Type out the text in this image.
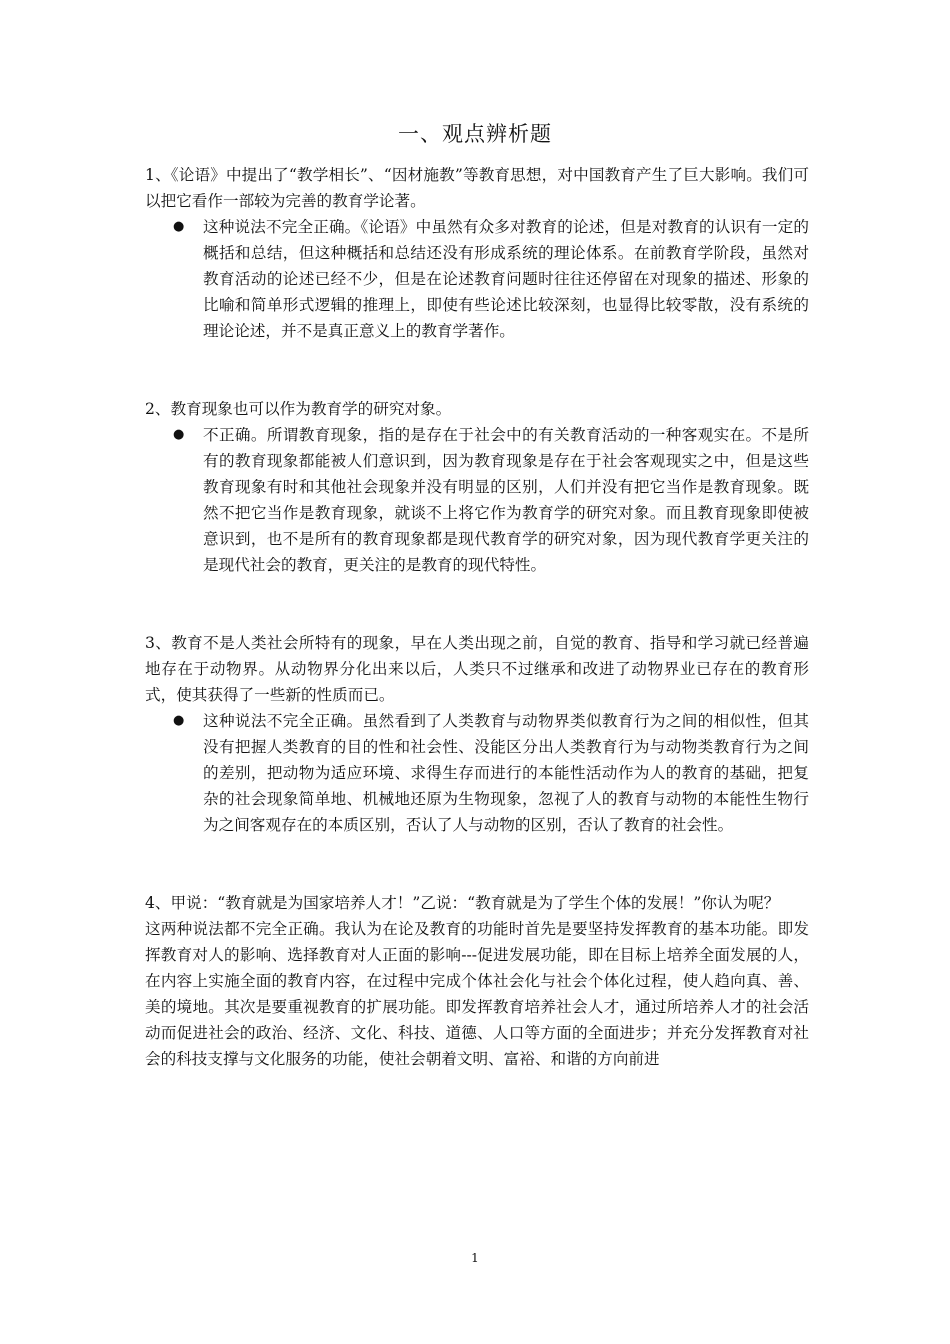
一、观点辨析题

1、《论语》中提出了“教学相长”、“因材施教”等教育思想，对中国教育产生了巨大影响。我们可以把它看作一部较为完善的教育学论著。

● 这种说法不完全正确。《论语》中虽然有众多对教育的论述，但是对教育的认识有一定的概括和总结，但这种概括和总结还没有形成系统的理论体系。在前教育学阶段，虽然对教育活动的论述已经不少，但是在论述教育问题时往往还停留在对现象的描述、形象的比喻和简单形式逻辑的推理上，即使有些论述比较深刻，也显得比较零散，没有系统的理论论述，并不是真正意义上的教育学著作。

2、教育现象也可以作为教育学的研究对象。

● 不正确。所谓教育现象，指的是存在于社会中的有关教育活动的一种客观实在。不是所有的教育现象都能被人们意识到，因为教育现象是存在于社会客观现实之中，但是这些教育现象有时和其他社会现象并没有明显的区别，人们并没有把它当作是教育现象。既然不把它当作是教育现象，就谈不上将它作为教育学的研究对象。而且教育现象即使被意识到，也不是所有的教育现象都是现代教育学的研究对象，因为现代教育学更关注的是现代社会的教育，更关注的是教育的现代特性。

3、教育不是人类社会所特有的现象，早在人类出现之前，自觉的教育、指导和学习就已经普遍地存在于动物界。从动物界分化出来以后，人类只不过继承和改进了动物界业已存在的教育形式，使其获得了一些新的性质而已。

● 这种说法不完全正确。虽然看到了人类教育与动物界类似教育行为之间的相似性，但其没有把握人类教育的目的性和社会性、没能区分出人类教育行为与动物类教育行为之间的差别，把动物为适应环境、求得生存而进行的本能性活动作为人的教育的基础，把复杂的社会现象简单地、机械地还原为生物现象，忽视了人的教育与动物的本能性生物行为之间客观存在的本质区别，否认了人与动物的区别，否认了教育的社会性。

4、甲说：“教育就是为国家培养人才！”乙说：“教育就是为了学生个体的发展！”你认为呢？

这两种说法都不完全正确。我认为在论及教育的功能时首先是要坚持发挥教育的基本功能。即发挥教育对人的影响、选择教育对人正面的影响---促进发展功能，即在目标上培养全面发展的人，在内容上实施全面的教育内容，在过程中完成个体社会化与社会个体化过程，使人趋向真、善、美的境地。其次是要重视教育的扩展功能。即发挥教育培养社会人才，通过所培养人才的社会活动而促进社会的政治、经济、文化、科技、道德、人口等方面的全面进步；并充分发挥教育对社会的科技支撑与文化服务的功能，使社会朝着文明、富裕、和谐的方向前进

1
